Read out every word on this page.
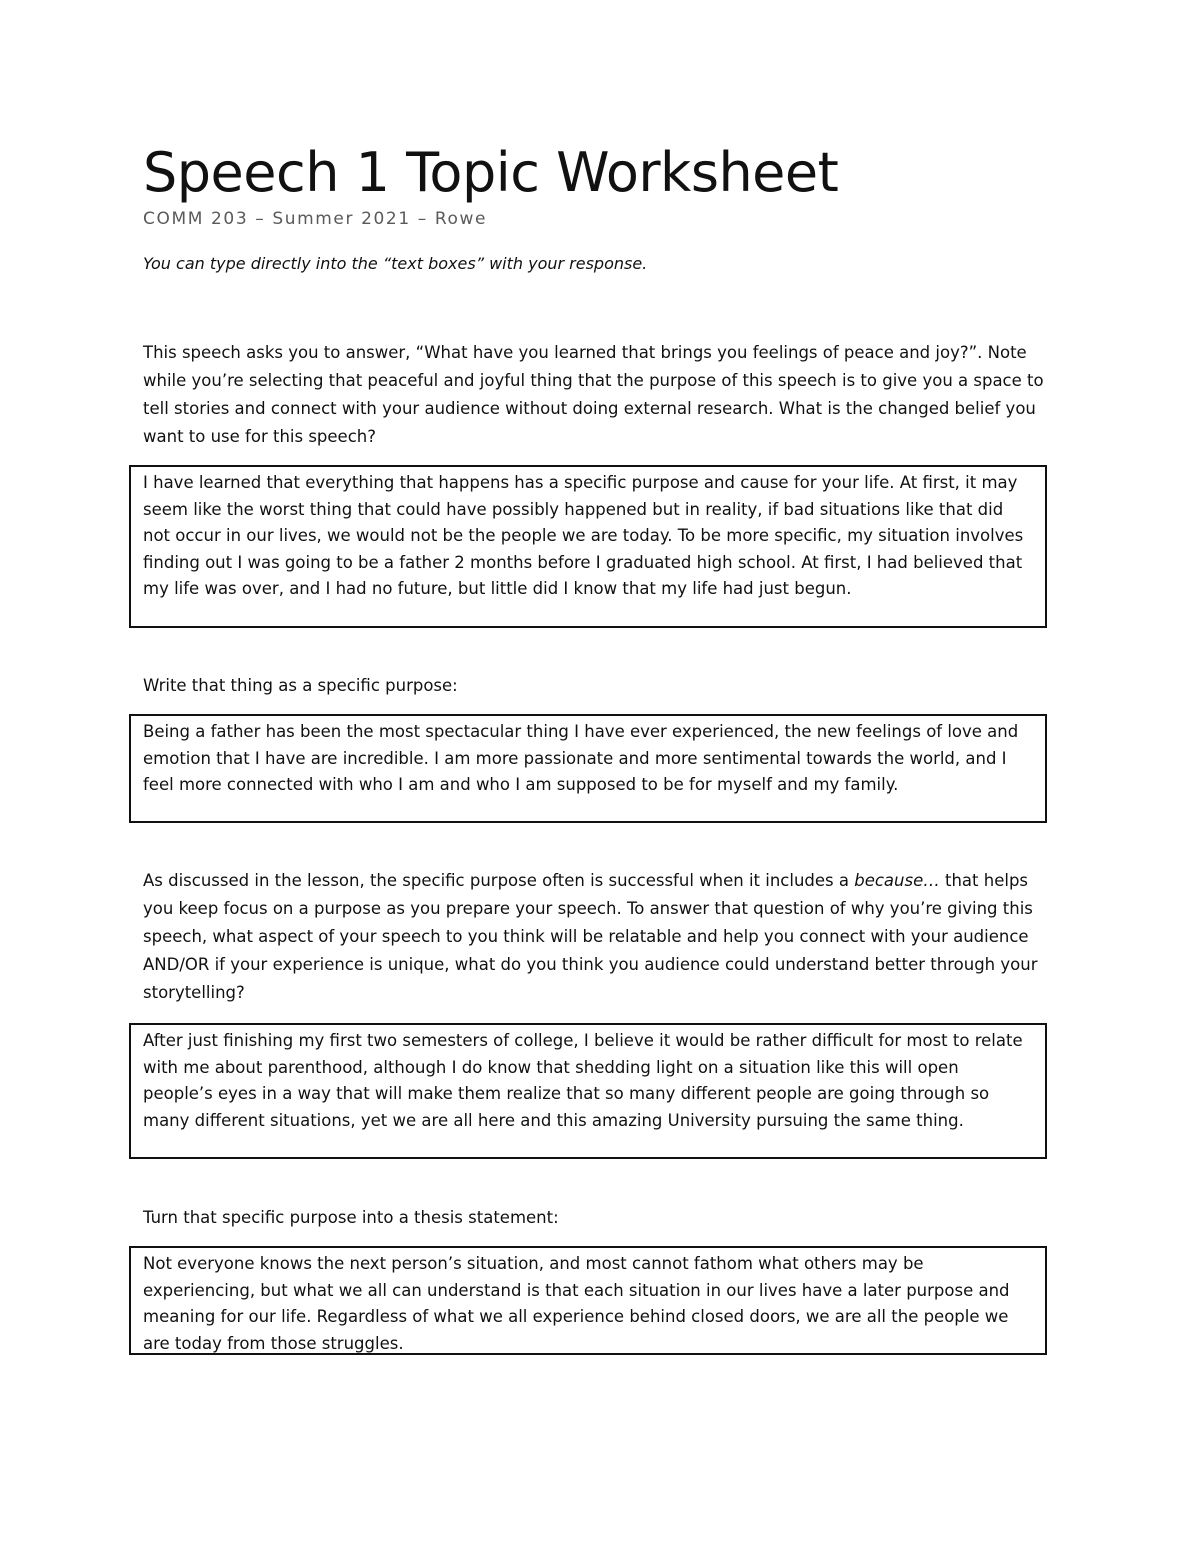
Speech 1 Topic Worksheet
COMM 203 – Summer 2021 – Rowe
You can type directly into the “text boxes” with your response.
This speech asks you to answer, “What have you learned that brings you feelings of peace and joy?”. Note while you’re selecting that peaceful and joyful thing that the purpose of this speech is to give you a space to tell stories and connect with your audience without doing external research. What is the changed belief you want to use for this speech?
I have learned that everything that happens has a specific purpose and cause for your life. At first, it may seem like the worst thing that could have possibly happened but in reality, if bad situations like that did not occur in our lives, we would not be the people we are today. To be more specific, my situation involves finding out I was going to be a father 2 months before I graduated high school. At first, I had believed that my life was over, and I had no future, but little did I know that my life had just begun.
Write that thing as a specific purpose:
Being a father has been the most spectacular thing I have ever experienced, the new feelings of love and emotion that I have are incredible. I am more passionate and more sentimental towards the world, and I feel more connected with who I am and who I am supposed to be for myself and my family.
As discussed in the lesson, the specific purpose often is successful when it includes a because… that helps you keep focus on a purpose as you prepare your speech. To answer that question of why you’re giving this speech, what aspect of your speech to you think will be relatable and help you connect with your audience AND/OR if your experience is unique, what do you think you audience could understand better through your storytelling?
After just finishing my first two semesters of college, I believe it would be rather difficult for most to relate with me about parenthood, although I do know that shedding light on a situation like this will open people’s eyes in a way that will make them realize that so many different people are going through so many different situations, yet we are all here and this amazing University pursuing the same thing.
Turn that specific purpose into a thesis statement:
Not everyone knows the next person’s situation, and most cannot fathom what others may be experiencing, but what we all can understand is that each situation in our lives have a later purpose and meaning for our life. Regardless of what we all experience behind closed doors, we are all the people we are today from those struggles.
